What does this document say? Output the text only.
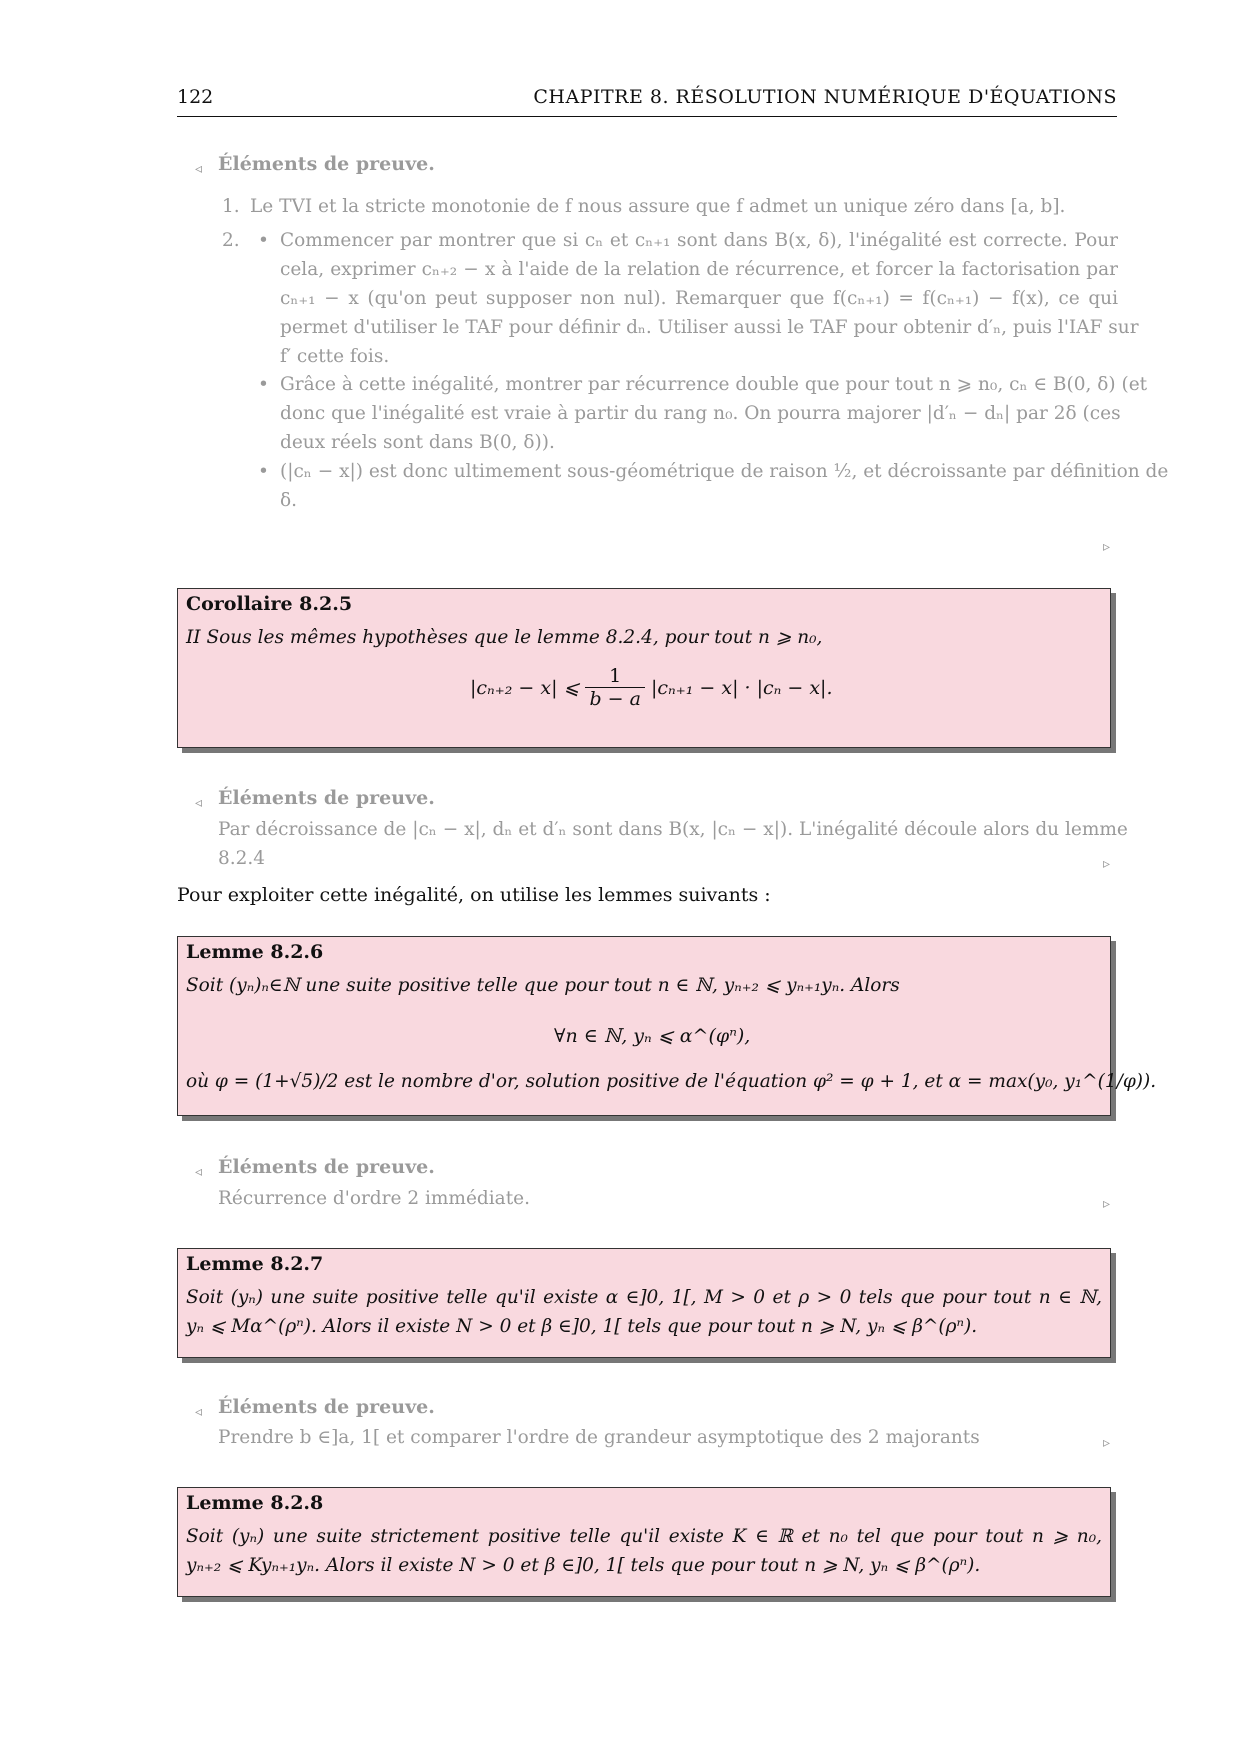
122	CHAPITRE 8. RÉSOLUTION NUMÉRIQUE D'ÉQUATIONS
◃ Éléments de preuve.
1. Le TVI et la stricte monotonie de f nous assure que f admet un unique zéro dans [a, b].
2. • Commencer par montrer que si cₙ et cₙ₊₁ sont dans B(x, δ), l'inégalité est correcte. Pour
cela, exprimer cₙ₊₂ − x à l'aide de la relation de récurrence, et forcer la factorisation par
cₙ₊₁ − x (qu'on peut supposer non nul). Remarquer que f(cₙ₊₁) = f(cₙ₊₁) − f(x), ce qui
permet d'utiliser le TAF pour définir dₙ. Utiliser aussi le TAF pour obtenir d′ₙ, puis l'IAF sur
f′ cette fois.
• Grâce à cette inégalité, montrer par récurrence double que pour tout n ⩾ n₀, cₙ ∈ B(0, δ) (et
donc que l'inégalité est vraie à partir du rang n₀. On pourra majorer |d′ₙ − dₙ| par 2δ (ces
deux réels sont dans B(0, δ)).
• (|cₙ − x|) est donc ultimement sous-géométrique de raison ½, et décroissante par définition de
δ.
▹
Corollaire 8.2.5
II Sous les mêmes hypothèses que le lemme 8.2.4, pour tout n ⩾ n₀,
|cₙ₊₂ − x| ⩽ $\frac{1}{b - a} |c_{n+1} - x| \cdot |c_n - x|$.
◃ Éléments de preuve.
Par décroissance de |cₙ − x|, dₙ et d′ₙ sont dans B(x, |cₙ − x|). L'inégalité découle alors du lemme
8.2.4	▹
Pour exploiter cette inégalité, on utilise les lemmes suivants :
Lemme 8.2.6
Soit (yₙ)ₙ∈ℕ une suite positive telle que pour tout n ∈ ℕ, yₙ₊₂ ⩽ yₙ₊₁yₙ. Alors
∀n ∈ ℕ, yₙ ⩽ α^(φⁿ),
où φ = (1+√5)/2 est le nombre d'or, solution positive de l'équation φ² = φ + 1, et α = max(y₀, y₁^(1/φ)).
◃ Éléments de preuve.
Récurrence d'ordre 2 immédiate.	▹
Lemme 8.2.7
Soit (yₙ) une suite positive telle qu'il existe α ∈]0, 1[, M > 0 et ρ > 0 tels que pour tout n ∈ ℕ,
yₙ ⩽ Mα^(ρⁿ). Alors il existe N > 0 et β ∈]0, 1[ tels que pour tout n ⩾ N, yₙ ⩽ β^(ρⁿ).
◃ Éléments de preuve.
Prendre b ∈]a, 1[ et comparer l'ordre de grandeur asymptotique des 2 majorants	▹
Lemme 8.2.8
Soit (yₙ) une suite strictement positive telle qu'il existe K ∈ ℝ et n₀ tel que pour tout n ⩾ n₀,
yₙ₊₂ ⩽ Kyₙ₊₁yₙ. Alors il existe N > 0 et β ∈]0, 1[ tels que pour tout n ⩾ N, yₙ ⩽ β^(ρⁿ).
